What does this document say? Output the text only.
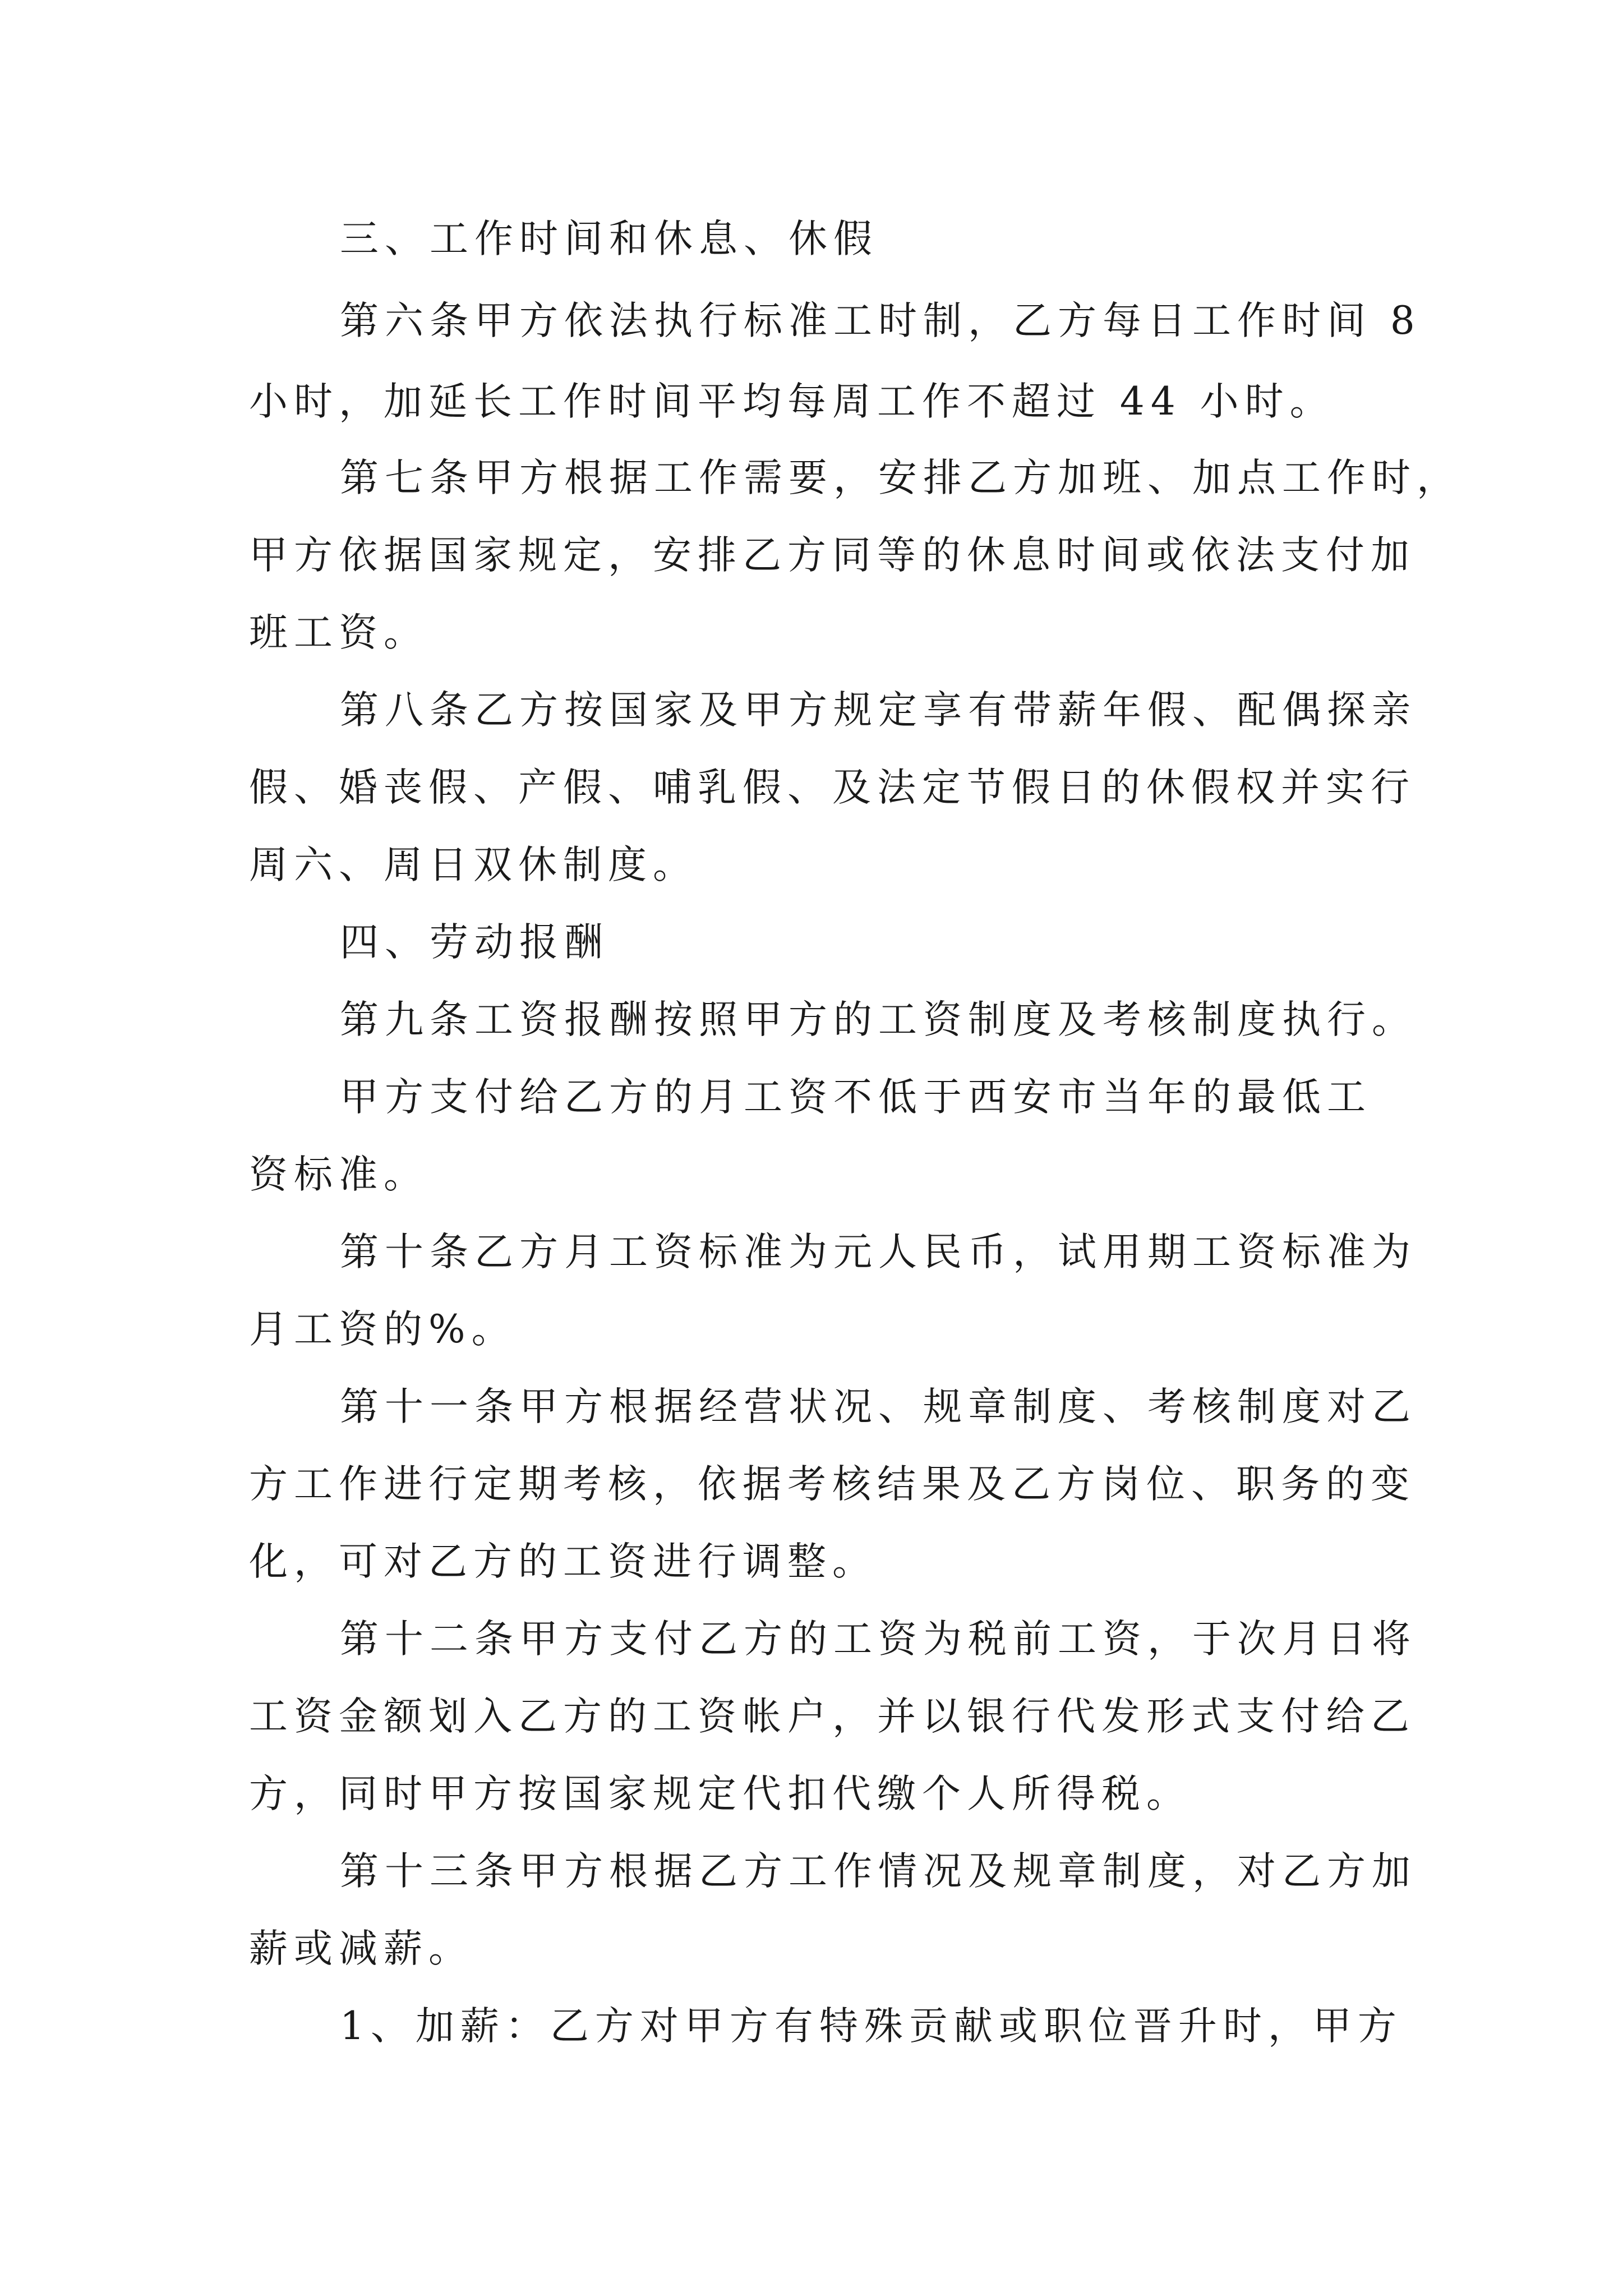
三、工作时间和休息、休假
第六条甲方依法执行标准工时制，乙方每日工作时间 8
小时，加延长工作时间平均每周工作不超过 44 小时。
第七条甲方根据工作需要，安排乙方加班、加点工作时，
甲方依据国家规定，安排乙方同等的休息时间或依法支付加
班工资。
第八条乙方按国家及甲方规定享有带薪年假、配偶探亲
假、婚丧假、产假、哺乳假、及法定节假日的休假权并实行
周六、周日双休制度。
四、劳动报酬
第九条工资报酬按照甲方的工资制度及考核制度执行。
甲方支付给乙方的月工资不低于西安市当年的最低工
资标准。
第十条乙方月工资标准为元人民币，试用期工资标准为
月工资的%。
第十一条甲方根据经营状况、规章制度、考核制度对乙
方工作进行定期考核，依据考核结果及乙方岗位、职务的变
化，可对乙方的工资进行调整。
第十二条甲方支付乙方的工资为税前工资，于次月日将
工资金额划入乙方的工资帐户，并以银行代发形式支付给乙
方，同时甲方按国家规定代扣代缴个人所得税。
第十三条甲方根据乙方工作情况及规章制度，对乙方加
薪或减薪。
1、加薪：乙方对甲方有特殊贡献或职位晋升时，甲方
